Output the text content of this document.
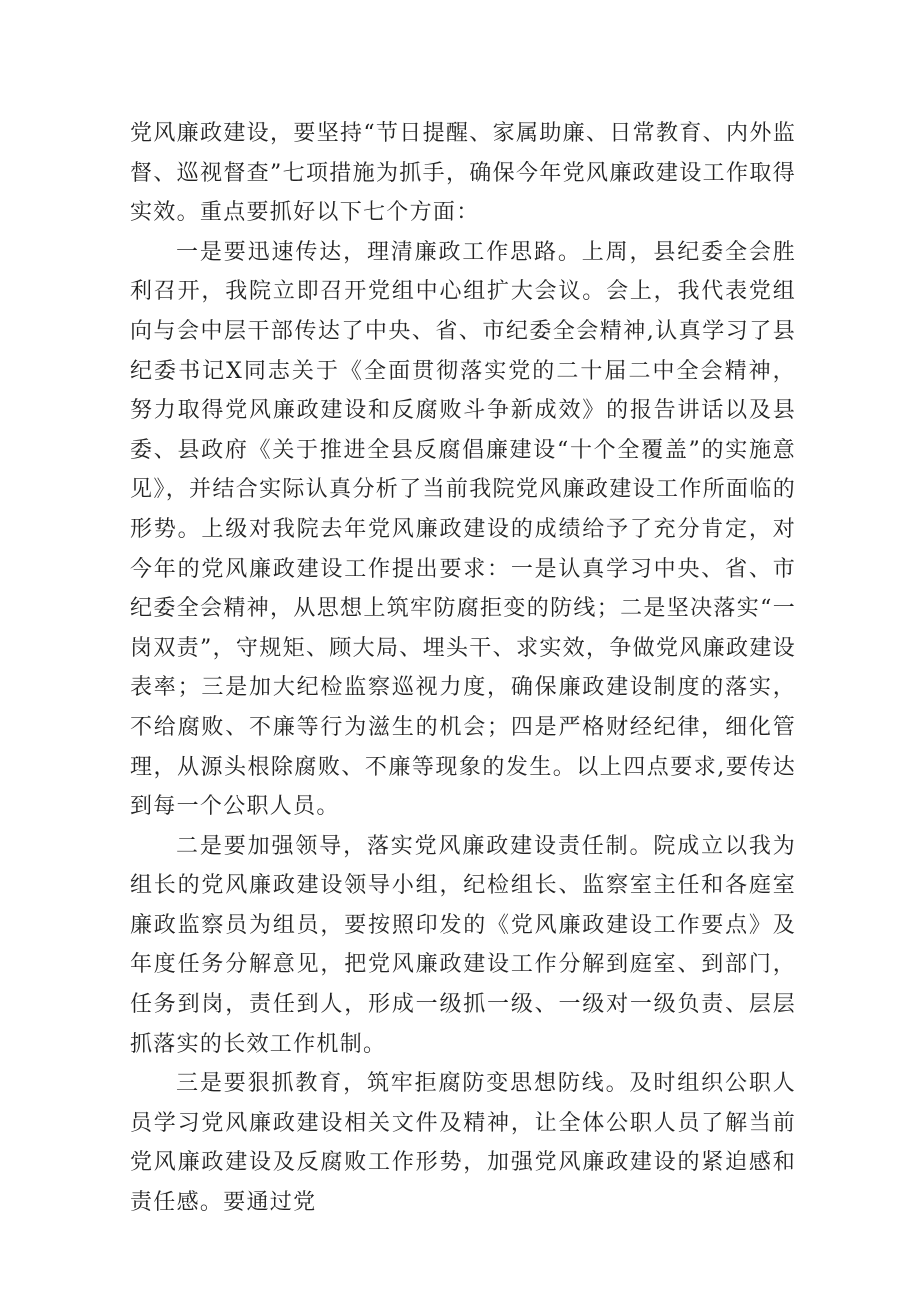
党风廉政建设，要坚持“节日提醒、家属助廉、日常教育、内外监督、巡视督查”七项措施为抓手，确保今年党风廉政建设工作取得实效。重点要抓好以下七个方面：

一是要迅速传达，理清廉政工作思路。上周，县纪委全会胜利召开，我院立即召开党组中心组扩大会议。会上，我代表党组向与会中层干部传达了中央、省、市纪委全会精神,认真学习了县纪委书记X同志关于《全面贯彻落实党的二十届二中全会精神，努力取得党风廉政建设和反腐败斗争新成效》的报告讲话以及县委、县政府《关于推进全县反腐倡廉建设“十个全覆盖”的实施意见》，并结合实际认真分析了当前我院党风廉政建设工作所面临的形势。上级对我院去年党风廉政建设的成绩给予了充分肯定，对今年的党风廉政建设工作提出要求：一是认真学习中央、省、市纪委全会精神，从思想上筑牢防腐拒变的防线；二是坚决落实“一岗双责”，守规矩、顾大局、埋头干、求实效，争做党风廉政建设表率；三是加大纪检监察巡视力度，确保廉政建设制度的落实，不给腐败、不廉等行为滋生的机会；四是严格财经纪律，细化管理，从源头根除腐败、不廉等现象的发生。以上四点要求,要传达到每一个公职人员。

二是要加强领导，落实党风廉政建设责任制。院成立以我为组长的党风廉政建设领导小组，纪检组长、监察室主任和各庭室廉政监察员为组员，要按照印发的《党风廉政建设工作要点》及年度任务分解意见，把党风廉政建设工作分解到庭室、到部门，任务到岗，责任到人，形成一级抓一级、一级对一级负责、层层抓落实的长效工作机制。

三是要狠抓教育，筑牢拒腐防变思想防线。及时组织公职人员学习党风廉政建设相关文件及精神，让全体公职人员了解当前党风廉政建设及反腐败工作形势，加强党风廉政建设的紧迫感和责任感。要通过党
